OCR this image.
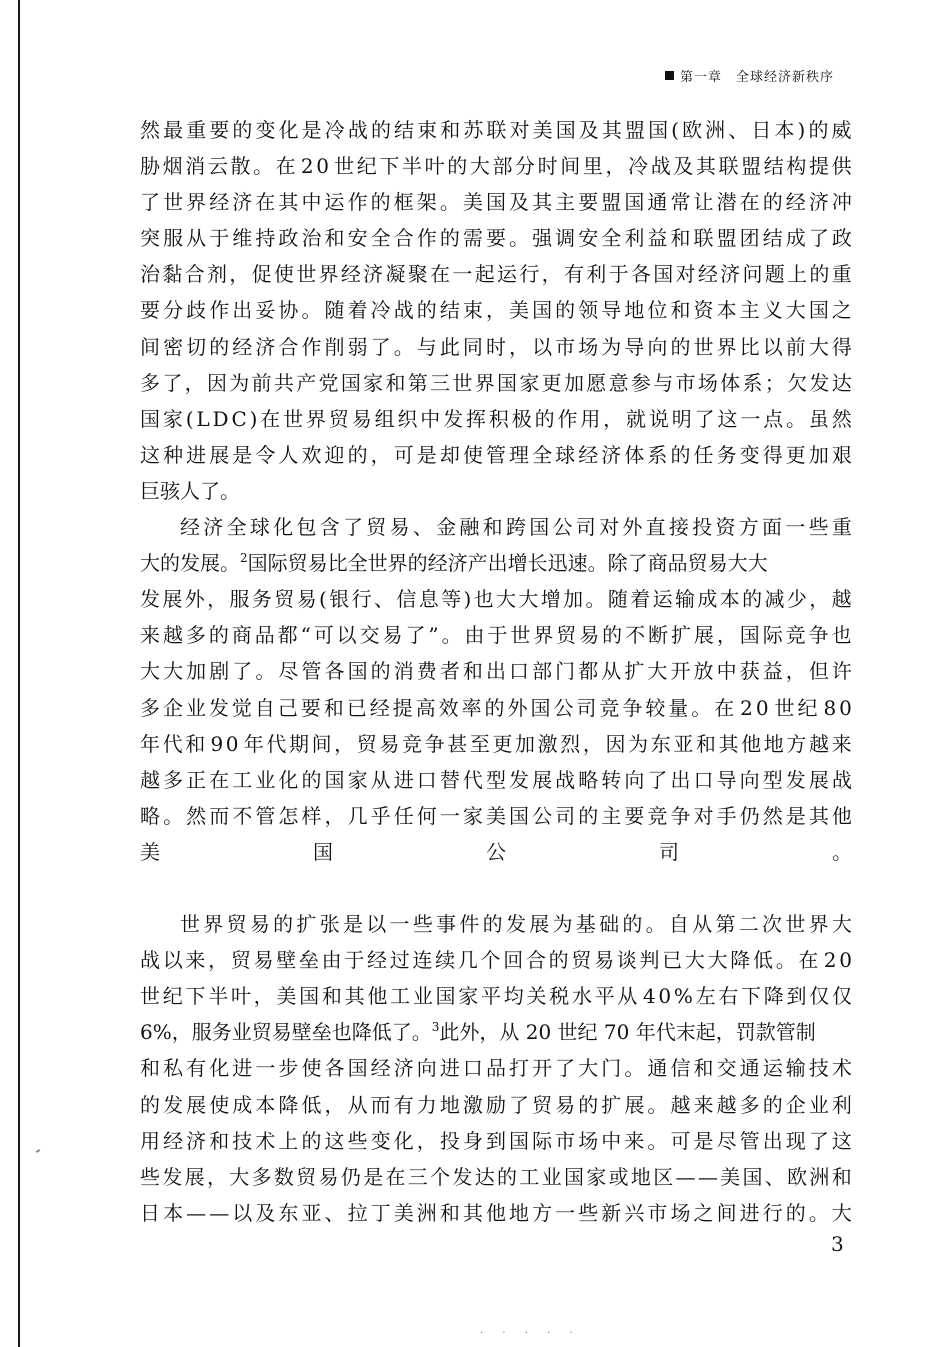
第一章 全球经济新秩序
然 最 重 要 的 变 化 是 冷 战 的 结 束 和 苏 联 对 美 国 及 其 盟 国 ( 欧 洲 、 日 本 ) 的 威
胁 烟 消 云 散 。 在 2 0 世 纪 下 半 叶 的 大 部 分 时 间 里 ， 冷 战 及 其 联 盟 结 构 提 供
了 世 界 经 济 在 其 中 运 作 的 框 架 。 美 国 及 其 主 要 盟 国 通 常 让 潜 在 的 经 济 冲
突 服 从 于 维 持 政 治 和 安 全 合 作 的 需 要 。 强 调 安 全 利 益 和 联 盟 团 结 成 了 政
治 黏 合 剂 ， 促 使 世 界 经 济 凝 聚 在 一 起 运 行 ， 有 利 于 各 国 对 经 济 问 题 上 的 重
要 分 歧 作 出 妥 协 。 随 着 冷 战 的 结 束 ， 美 国 的 领 导 地 位 和 资 本 主 义 大 国 之
间 密 切 的 经 济 合 作 削 弱 了 。 与 此 同 时 ， 以 市 场 为 导 向 的 世 界 比 以 前 大 得
多 了 ， 因 为 前 共 产 党 国 家 和 第 三 世 界 国 家 更 加 愿 意 参 与 市 场 体 系 ； 欠 发 达
国 家 ( L D C ) 在 世 界 贸 易 组 织 中 发 挥 积 极 的 作 用 ， 就 说 明 了 这 一 点 。 虽 然
这 种 进 展 是 令 人 欢 迎 的 ， 可 是 却 使 管 理 全 球 经 济 体 系 的 任 务 变 得 更 加 艰
巨骇人了。
经 济 全 球 化 包 含 了 贸 易 、 金 融 和 跨 国 公 司 对 外 直 接 投 资 方 面 一 些 重
大的发展。$^2$国际贸易比全世界的经济产出增长迅速。除了商品贸易大大
发 展 外 ， 服 务 贸 易 ( 银 行 、 信 息 等 ) 也 大 大 增 加 。 随 着 运 输 成 本 的 减 少 ， 越
来 越 多 的 商 品 都 “ 可 以 交 易 了 ” 。 由 于 世 界 贸 易 的 不 断 扩 展 ， 国 际 竞 争 也
大 大 加 剧 了 。 尽 管 各 国 的 消 费 者 和 出 口 部 门 都 从 扩 大 开 放 中 获 益 ， 但 许
多 企 业 发 觉 自 己 要 和 已 经 提 高 效 率 的 外 国 公 司 竞 争 较 量 。 在 2 0 世 纪 8 0
年 代 和 9 0 年 代 期 间 ， 贸 易 竞 争 甚 至 更 加 激 烈 ， 因 为 东 亚 和 其 他 地 方 越 来
越 多 正 在 工 业 化 的 国 家 从 进 口 替 代 型 发 展 战 略 转 向 了 出 口 导 向 型 发 展 战
略 。 然 而 不 管 怎 样 ， 几 乎 任 何 一 家 美 国 公 司 的 主 要 竞 争 对 手 仍 然 是 其 他
美	国	公	司	。
世 界 贸 易 的 扩 张 是 以 一 些 事 件 的 发 展 为 基 础 的 。 自 从 第 二 次 世 界 大
战 以 来 ， 贸 易 壁 垒 由 于 经 过 连 续 几 个 回 合 的 贸 易 谈 判 已 大 大 降 低 。 在 2 0
世 纪 下 半 叶 ， 美 国 和 其 他 工 业 国 家 平 均 关 税 水 平 从 4 0 % 左 右 下 降 到 仅 仅
6%，服务业贸易壁垒也降低了。$^3$此外，从 20 世纪 70 年代末起，罚款管制
和 私 有 化 进 一 步 使 各 国 经 济 向 进 口 品 打 开 了 大 门 。 通 信 和 交 通 运 输 技 术
的 发 展 使 成 本 降 低 ， 从 而 有 力 地 激 励 了 贸 易 的 扩 展 。 越 来 越 多 的 企 业 利
用 经 济 和 技 术 上 的 这 些 变 化 ， 投 身 到 国 际 市 场 中 来 。 可 是 尽 管 出 现 了 这
些 发 展 ， 大 多 数 贸 易 仍 是 在 三 个 发 达 的 工 业 国 家 或 地 区 — — 美 国 、 欧 洲 和
日 本 — — 以 及 东 亚 、 拉 丁 美 洲 和 其 他 地 方 一 些 新 兴 市 场 之 间 进 行 的 。 大
3
· · · · ·
